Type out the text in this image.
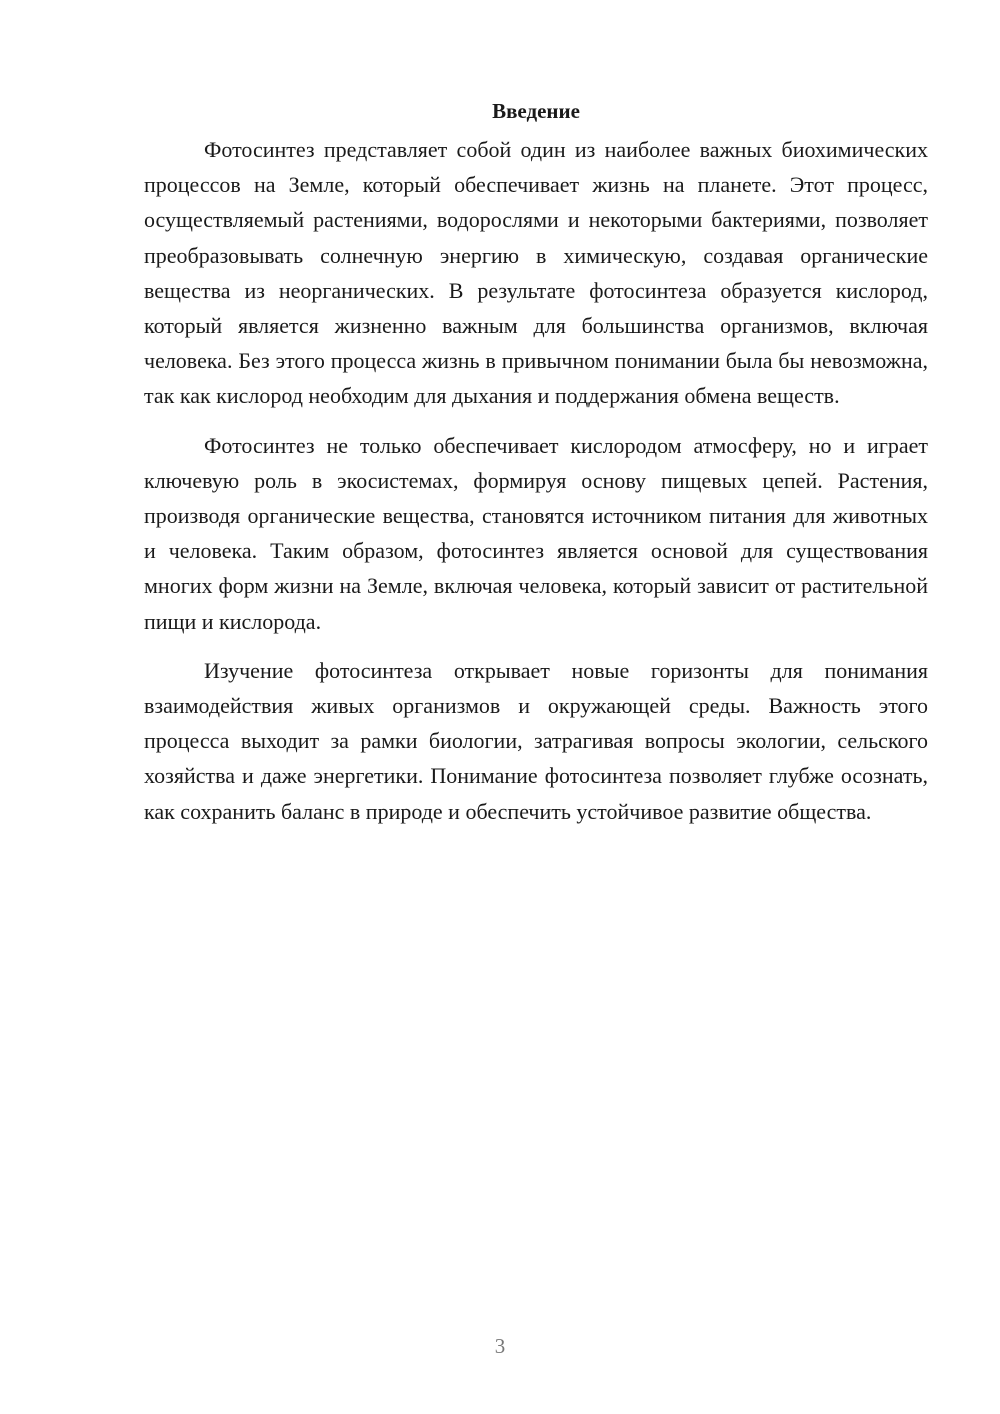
Введение

Фотосинтез представляет собой один из наиболее важных биохимических процессов на Земле, который обеспечивает жизнь на планете. Этот процесс, осуществляемый растениями, водорослями и некоторыми бактериями, позволяет преобразовывать солнечную энергию в химическую, создавая органические вещества из неорганических. В результате фотосинтеза образуется кислород, который является жизненно важным для большинства организмов, включая человека. Без этого процесса жизнь в привычном понимании была бы невозможна, так как кислород необходим для дыхания и поддержания обмена веществ.

Фотосинтез не только обеспечивает кислородом атмосферу, но и играет ключевую роль в экосистемах, формируя основу пищевых цепей. Растения, производя органические вещества, становятся источником питания для животных и человека. Таким образом, фотосинтез является основой для существования многих форм жизни на Земле, включая человека, который зависит от растительной пищи и кислорода.

Изучение фотосинтеза открывает новые горизонты для понимания взаимодействия живых организмов и окружающей среды. Важность этого процесса выходит за рамки биологии, затрагивая вопросы экологии, сельского хозяйства и даже энергетики. Понимание фотосинтеза позволяет глубже осознать, как сохранить баланс в природе и обеспечить устойчивое развитие общества.

3
